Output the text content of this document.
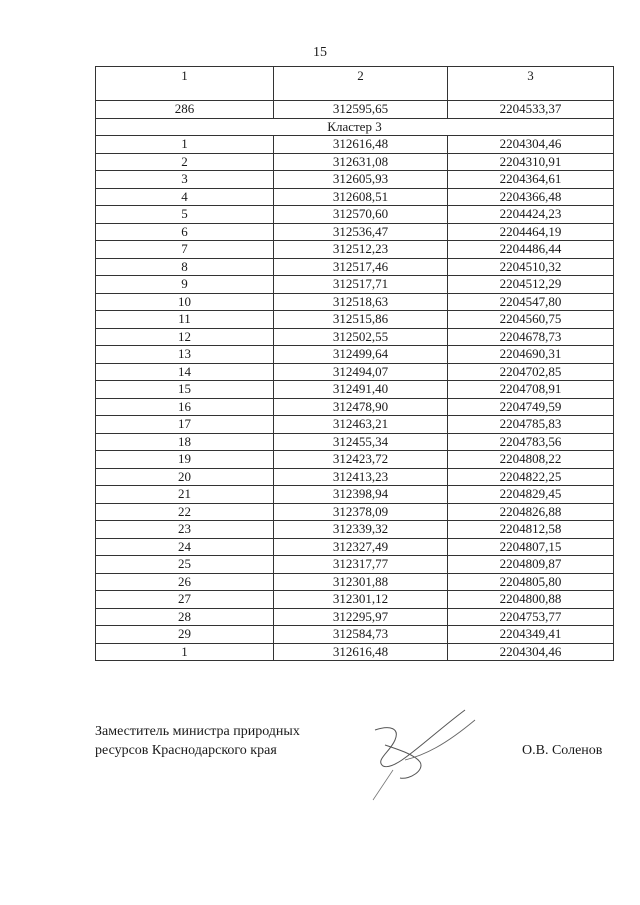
15
1	2	3
286	312595,65	2204533,37
Кластер 3		
1	312616,48	2204304,46
2	312631,08	2204310,91
3	312605,93	2204364,61
4	312608,51	2204366,48
5	312570,60	2204424,23
6	312536,47	2204464,19
7	312512,23	2204486,44
8	312517,46	2204510,32
9	312517,71	2204512,29
10	312518,63	2204547,80
11	312515,86	2204560,75
12	312502,55	2204678,73
13	312499,64	2204690,31
14	312494,07	2204702,85
15	312491,40	2204708,91
16	312478,90	2204749,59
17	312463,21	2204785,83
18	312455,34	2204783,56
19	312423,72	2204808,22
20	312413,23	2204822,25
21	312398,94	2204829,45
22	312378,09	2204826,88
23	312339,32	2204812,58
24	312327,49	2204807,15
25	312317,77	2204809,87
26	312301,88	2204805,80
27	312301,12	2204800,88
28	312295,97	2204753,77
29	312584,73	2204349,41
1	312616,48	2204304,46
Заместитель министра природных
ресурсов Краснодарского края	О.В. Соленов
